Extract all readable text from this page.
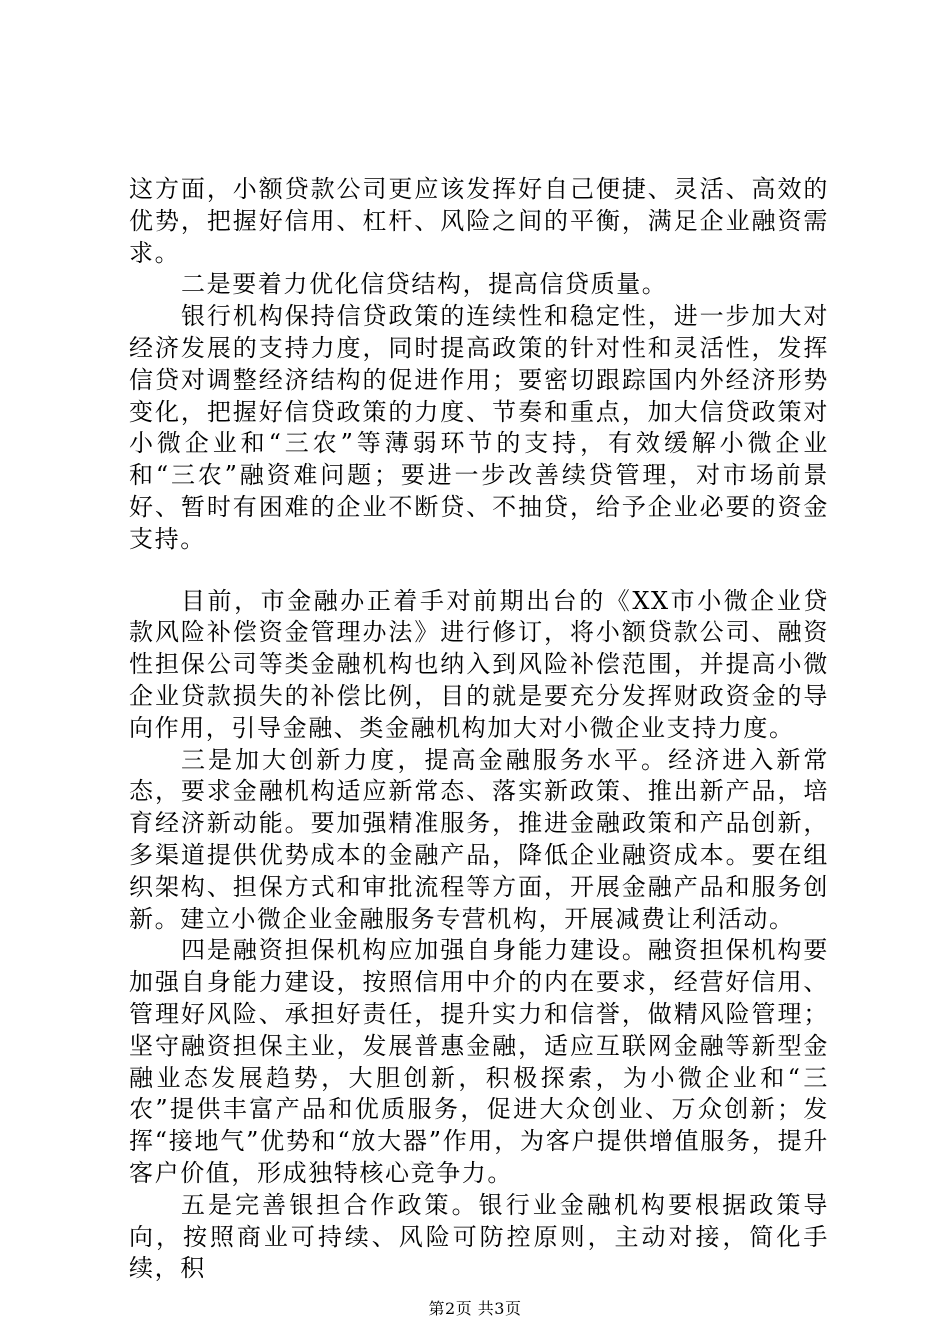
这方面，小额贷款公司更应该发挥好自己便捷、灵活、高效的优势，把握好信用、杠杆、风险之间的平衡，满足企业融资需求。

二是要着力优化信贷结构，提高信贷质量。

银行机构保持信贷政策的连续性和稳定性，进一步加大对经济发展的支持力度，同时提高政策的针对性和灵活性，发挥信贷对调整经济结构的促进作用；要密切跟踪国内外经济形势变化，把握好信贷政策的力度、节奏和重点，加大信贷政策对小微企业和“三农”等薄弱环节的支持，有效缓解小微企业和“三农”融资难问题；要进一步改善续贷管理，对市场前景好、暂时有困难的企业不断贷、不抽贷，给予企业必要的资金支持。

目前，市金融办正着手对前期出台的《XX市小微企业贷款风险补偿资金管理办法》进行修订，将小额贷款公司、融资性担保公司等类金融机构也纳入到风险补偿范围，并提高小微企业贷款损失的补偿比例，目的就是要充分发挥财政资金的导向作用，引导金融、类金融机构加大对小微企业支持力度。

三是加大创新力度，提高金融服务水平。经济进入新常态，要求金融机构适应新常态、落实新政策、推出新产品，培育经济新动能。要加强精准服务，推进金融政策和产品创新，多渠道提供优势成本的金融产品，降低企业融资成本。要在组织架构、担保方式和审批流程等方面，开展金融产品和服务创新。建立小微企业金融服务专营机构，开展减费让利活动。

四是融资担保机构应加强自身能力建设。融资担保机构要加强自身能力建设，按照信用中介的内在要求，经营好信用、管理好风险、承担好责任，提升实力和信誉，做精风险管理；坚守融资担保主业，发展普惠金融，适应互联网金融等新型金融业态发展趋势，大胆创新，积极探索，为小微企业和“三农”提供丰富产品和优质服务，促进大众创业、万众创新；发挥“接地气”优势和“放大器”作用，为客户提供增值服务，提升客户价值，形成独特核心竞争力。

五是完善银担合作政策。银行业金融机构要根据政策导向，按照商业可持续、风险可防控原则，主动对接，简化手续，积

第2页 共3页
